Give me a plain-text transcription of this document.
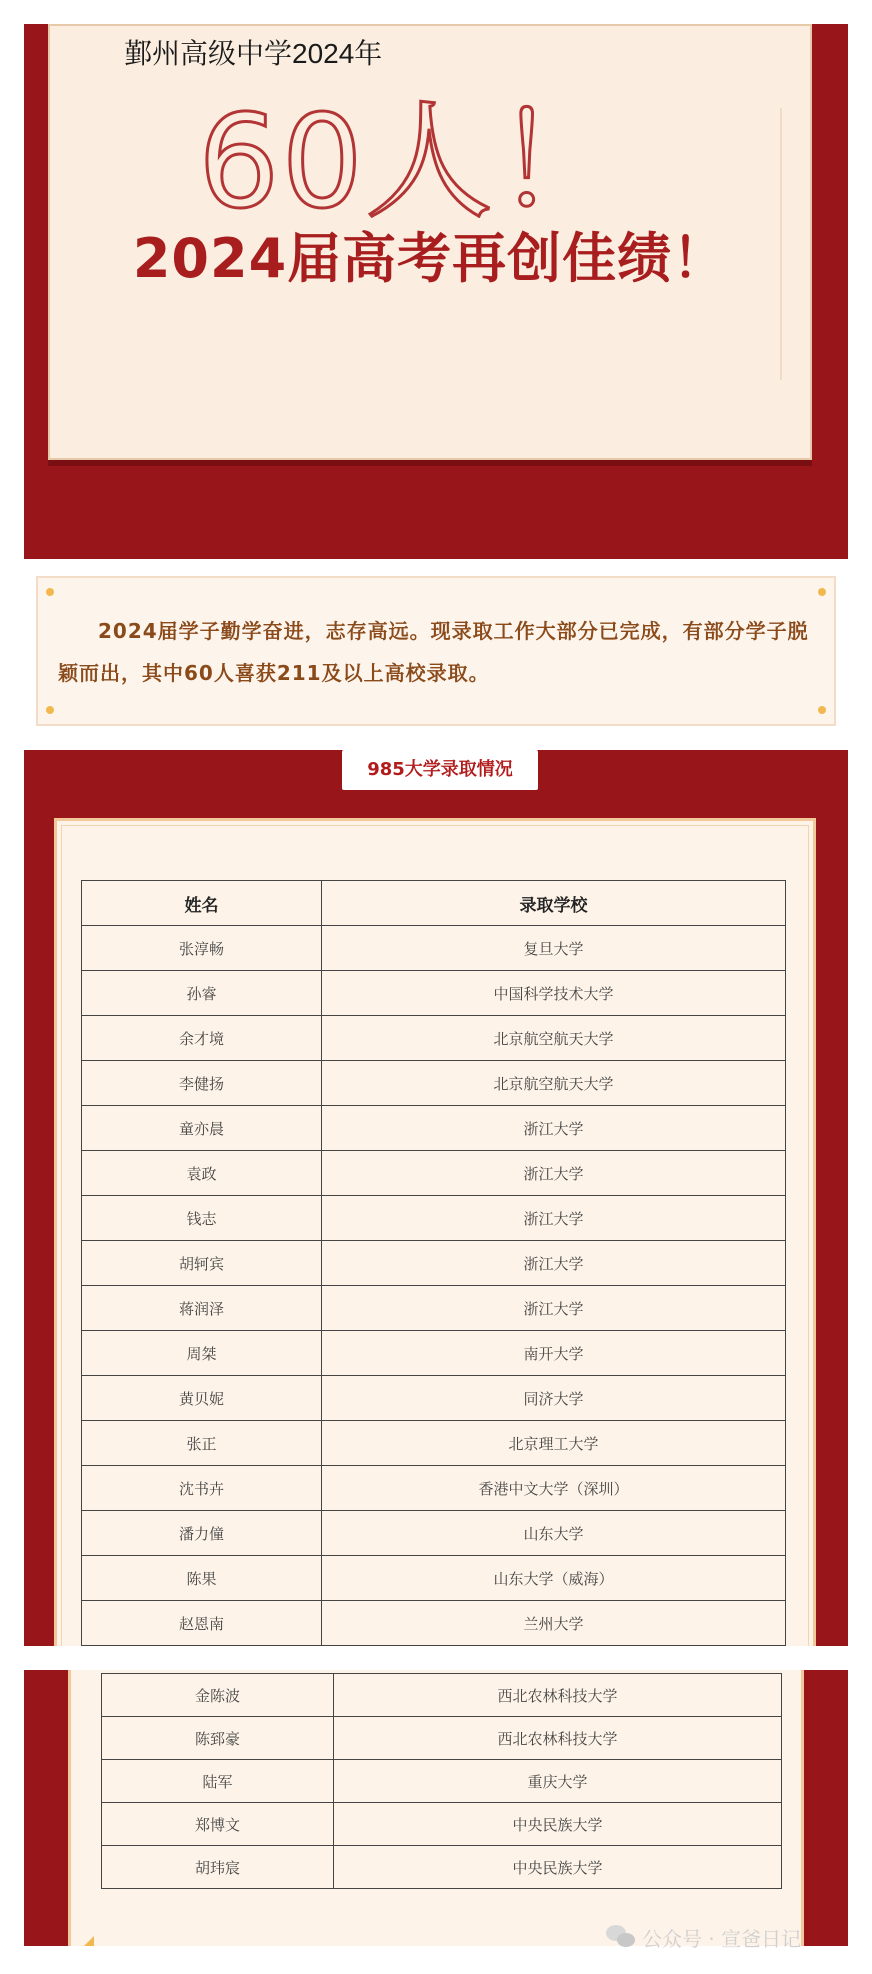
鄞州高级中学2024年
60人！
2024届高考再创佳绩！

2024届学子勤学奋进，志存高远。现录取工作大部分已完成，有部分学子脱颖而出，其中60人喜获211及以上高校录取。

985大学录取情况
姓名	录取学校
张淳畅	复旦大学
孙睿	中国科学技术大学
余才境	北京航空航天大学
李健扬	北京航空航天大学
童亦晨	浙江大学
袁政	浙江大学
钱志	浙江大学
胡轲宾	浙江大学
蒋润泽	浙江大学
周桀	南开大学
黄贝妮	同济大学
张正	北京理工大学
沈书卉	香港中文大学（深圳）
潘力僮	山东大学
陈果	山东大学（威海）
赵恩南	兰州大学
金陈波	西北农林科技大学
陈郅豪	西北农林科技大学
陆军	重庆大学
郑博文	中央民族大学
胡玮宸	中央民族大学
公众号 · 宣爸日记
